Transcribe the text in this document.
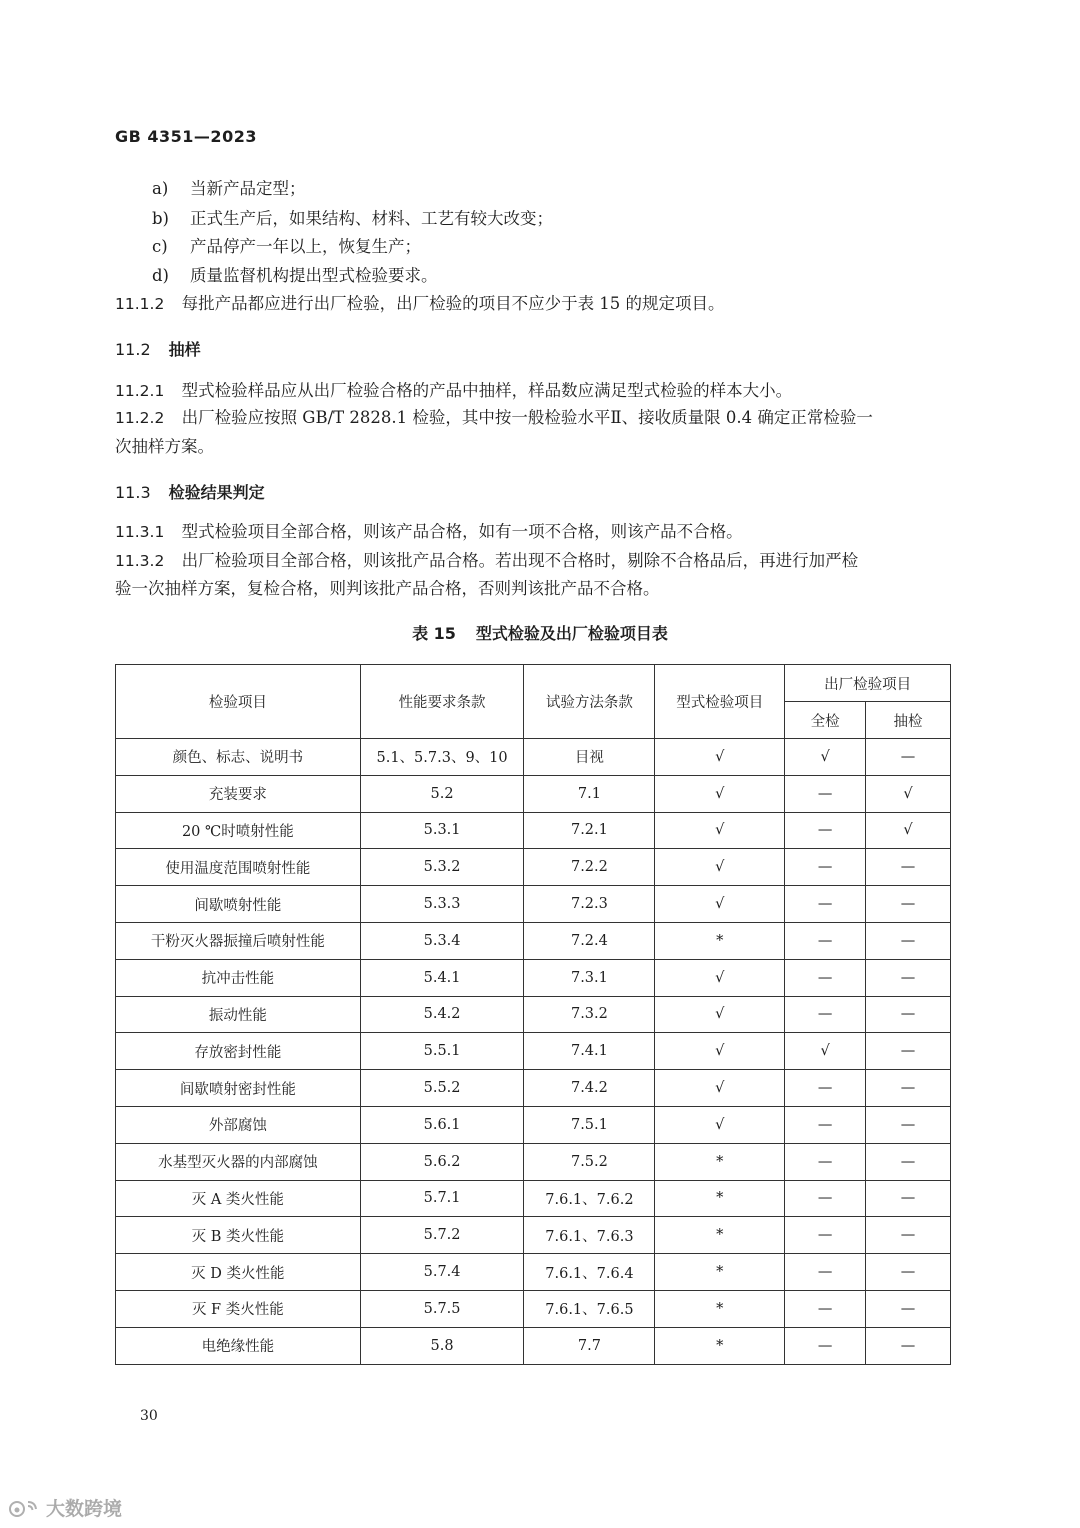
GB 4351—2023
a) 当新产品定型；
b) 正式生产后，如果结构、材料、工艺有较大改变；
c) 产品停产一年以上，恢复生产；
d) 质量监督机构提出型式检验要求。
11.1.2 每批产品都应进行出厂检验，出厂检验的项目不应少于表 15 的规定项目。
11.2 抽样
11.2.1 型式检验样品应从出厂检验合格的产品中抽样，样品数应满足型式检验的样本大小。
11.2.2 出厂检验应按照 GB/T 2828.1 检验，其中按一般检验水平Ⅱ、接收质量限 0.4 确定正常检验一
次抽样方案。
11.3 检验结果判定
11.3.1 型式检验项目全部合格，则该产品合格，如有一项不合格，则该产品不合格。
11.3.2 出厂检验项目全部合格，则该批产品合格。若出现不合格时，剔除不合格品后，再进行加严检
验一次抽样方案，复检合格，则判该批产品合格，否则判该批产品不合格。
表 15 型式检验及出厂检验项目表
检验项目	性能要求条款	试验方法条款	型式检验项目	出厂检验项目	
				全检	抽检
颜色、标志、说明书	5.1、5.7.3、9、10	目视	√	√	—
充装要求	5.2	7.1	√	—	√
20 ℃时喷射性能	5.3.1	7.2.1	√	—	√
使用温度范围喷射性能	5.3.2	7.2.2	√	—	—
间歇喷射性能	5.3.3	7.2.3	√	—	—
干粉灭火器振撞后喷射性能	5.3.4	7.2.4	*	—	—
抗冲击性能	5.4.1	7.3.1	√	—	—
振动性能	5.4.2	7.3.2	√	—	—
存放密封性能	5.5.1	7.4.1	√	√	—
间歇喷射密封性能	5.5.2	7.4.2	√	—	—
外部腐蚀	5.6.1	7.5.1	√	—	—
水基型灭火器的内部腐蚀	5.6.2	7.5.2	*	—	—
灭 A 类火性能	5.7.1	7.6.1、7.6.2	*	—	—
灭 B 类火性能	5.7.2	7.6.1、7.6.3	*	—	—
灭 D 类火性能	5.7.4	7.6.1、7.6.4	*	—	—
灭 F 类火性能	5.7.5	7.6.1、7.6.5	*	—	—
电绝缘性能	5.8	7.7	*	—	—
30
大数跨境
